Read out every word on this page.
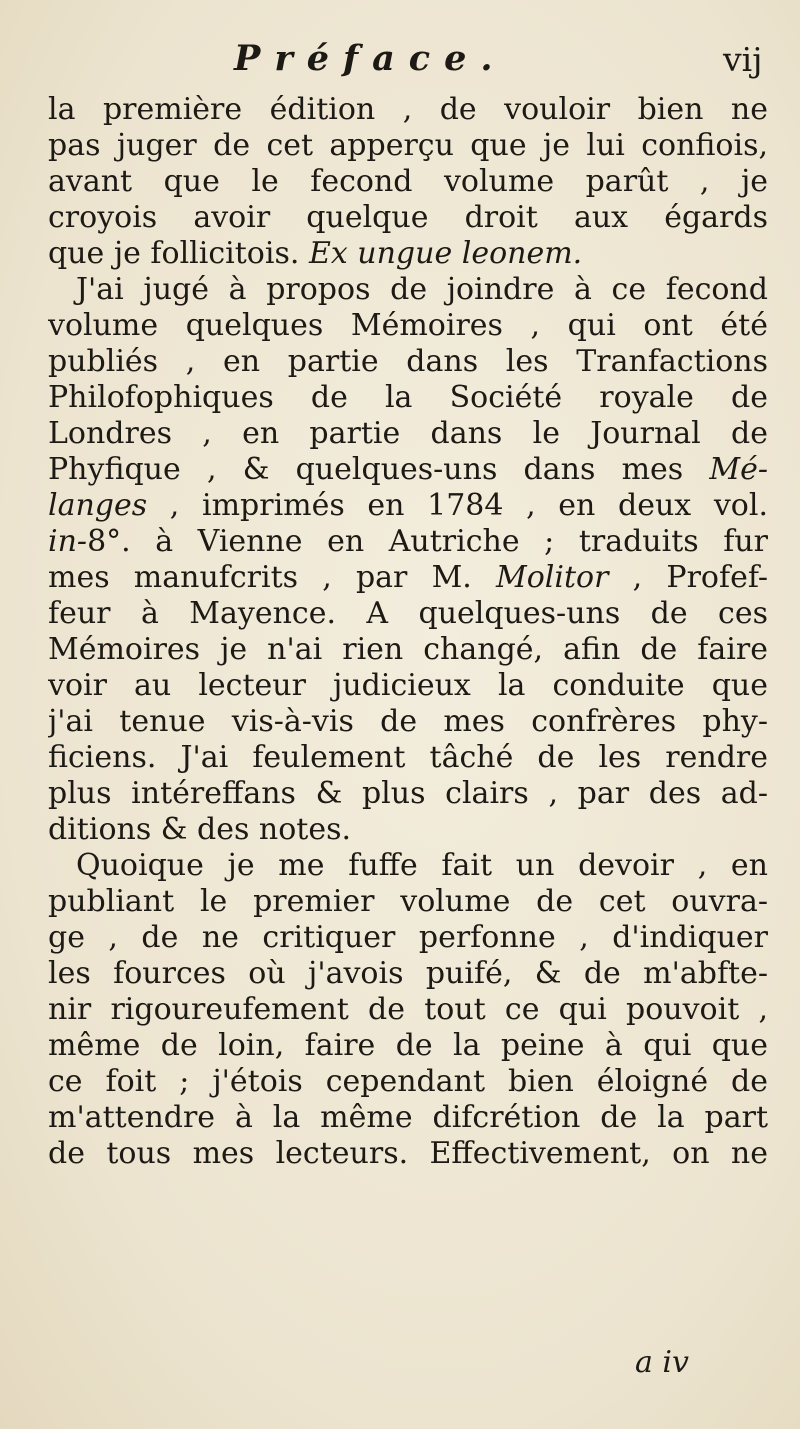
Préface.	vij
la première édition , de vouloir bien ne
pas juger de cet apperçu que je lui confiois,
avant que le fecond volume parût , je
croyois avoir quelque droit aux égards
que je follicitois. Ex ungue leonem.
J'ai jugé à propos de joindre à ce fecond
volume quelques Mémoires , qui ont été
publiés , en partie dans les Tranfactions
Philofophiques de la Société royale de
Londres , en partie dans le Journal de
Phyfique , & quelques-uns dans mes Mé-
langes , imprimés en 1784 , en deux vol.
in-8°. à Vienne en Autriche ; traduits fur
mes manufcrits , par M. Molitor , Profef-
feur à Mayence. A quelques-uns de ces
Mémoires je n'ai rien changé, afin de faire
voir au lecteur judicieux la conduite que
j'ai tenue vis-à-vis de mes confrères phy-
ficiens. J'ai feulement tâché de les rendre
plus intéreffans & plus clairs , par des ad-
ditions & des notes.
Quoique je me fuffe fait un devoir , en
publiant le premier volume de cet ouvra-
ge , de ne critiquer perfonne , d'indiquer
les fources où j'avois puifé, & de m'abfte-
nir rigoureufement de tout ce qui pouvoit ,
même de loin, faire de la peine à qui que
ce foit ; j'étois cependant bien éloigné de
m'attendre à la même difcrétion de la part
de tous mes lecteurs. Effectivement, on ne
a iv
